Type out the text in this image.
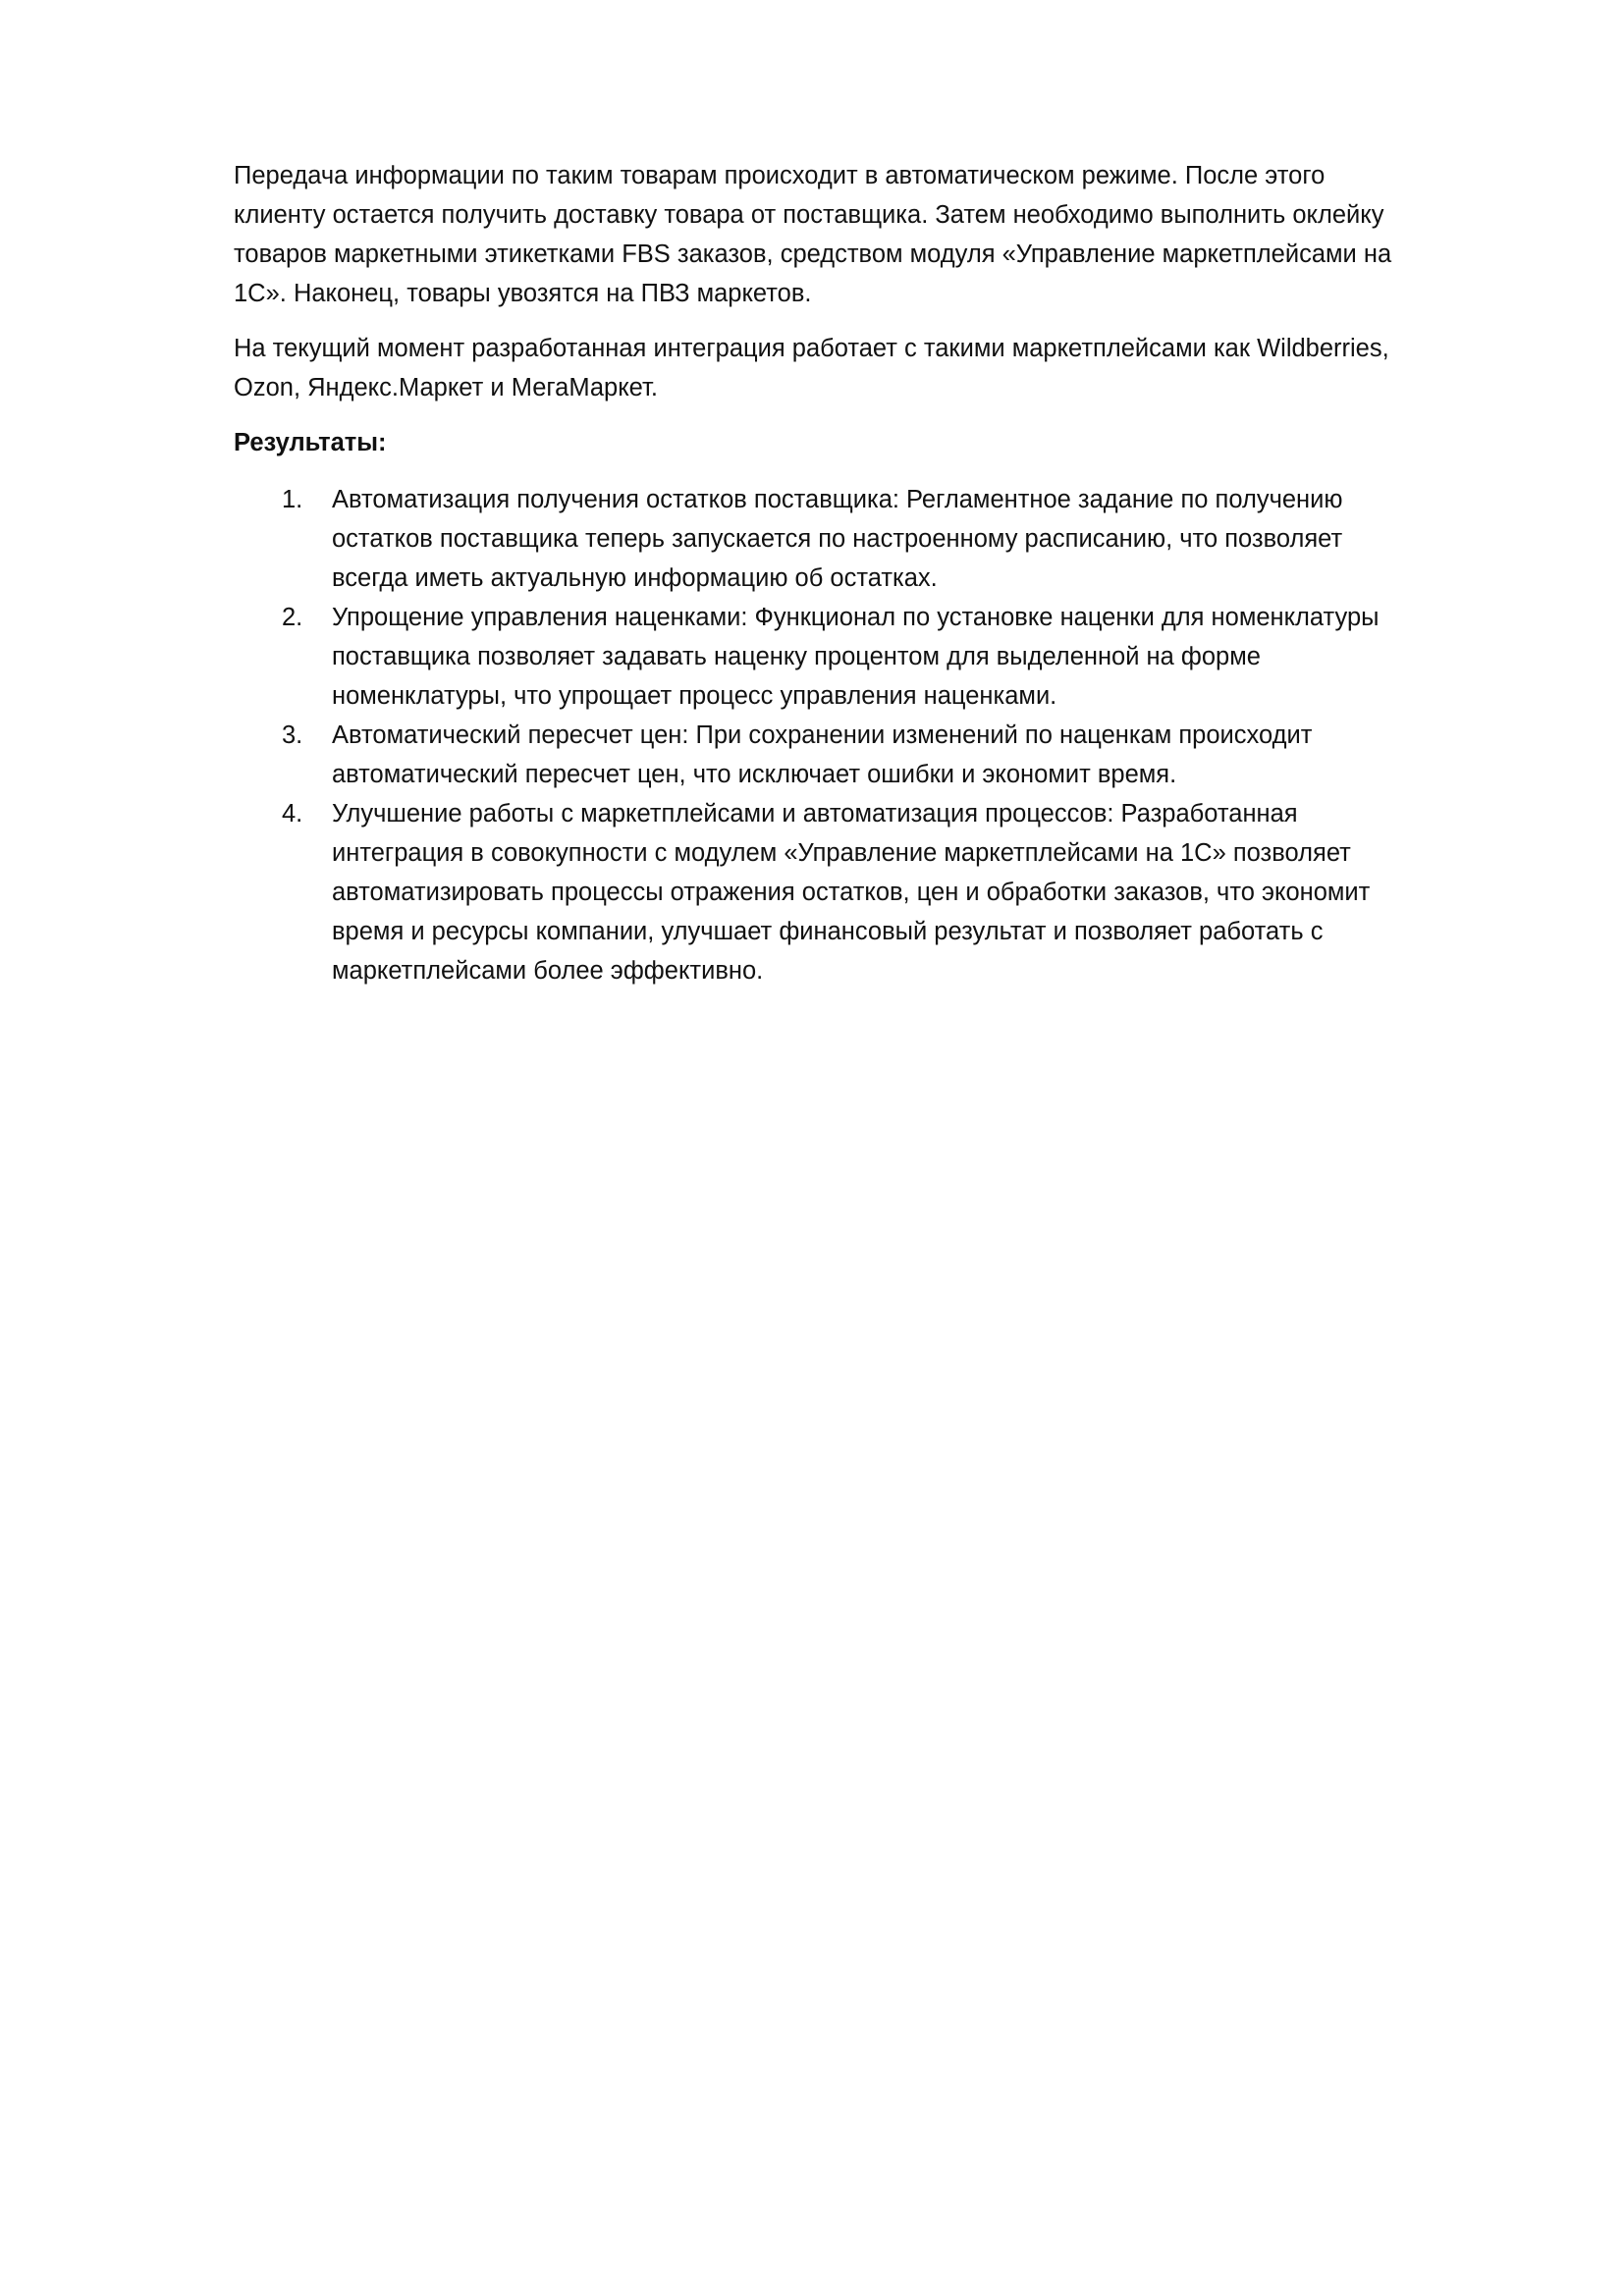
Передача информации по таким товарам происходит в автоматическом режиме. После этого
клиенту остается получить доставку товара от поставщика. Затем необходимо выполнить оклейку
товаров маркетными этикетками FBS заказов, средством модуля «Управление маркетплейсами на
1С». Наконец, товары увозятся на ПВЗ маркетов.
На текущий момент разработанная интеграция работает с такими маркетплейсами как Wildberries,
Ozon, Яндекс.Маркет и МегаМаркет.
Результаты:
1. Автоматизация получения остатков поставщика: Регламентное задание по получению
остатков поставщика теперь запускается по настроенному расписанию, что позволяет
всегда иметь актуальную информацию об остатках.
2. Упрощение управления наценками: Функционал по установке наценки для номенклатуры
поставщика позволяет задавать наценку процентом для выделенной на форме
номенклатуры, что упрощает процесс управления наценками.
3. Автоматический пересчет цен: При сохранении изменений по наценкам происходит
автоматический пересчет цен, что исключает ошибки и экономит время.
4. Улучшение работы с маркетплейсами и автоматизация процессов: Разработанная
интеграция в совокупности с модулем «Управление маркетплейсами на 1С» позволяет
автоматизировать процессы отражения остатков, цен и обработки заказов, что экономит
время и ресурсы компании, улучшает финансовый результат и позволяет работать с
маркетплейсами более эффективно.
